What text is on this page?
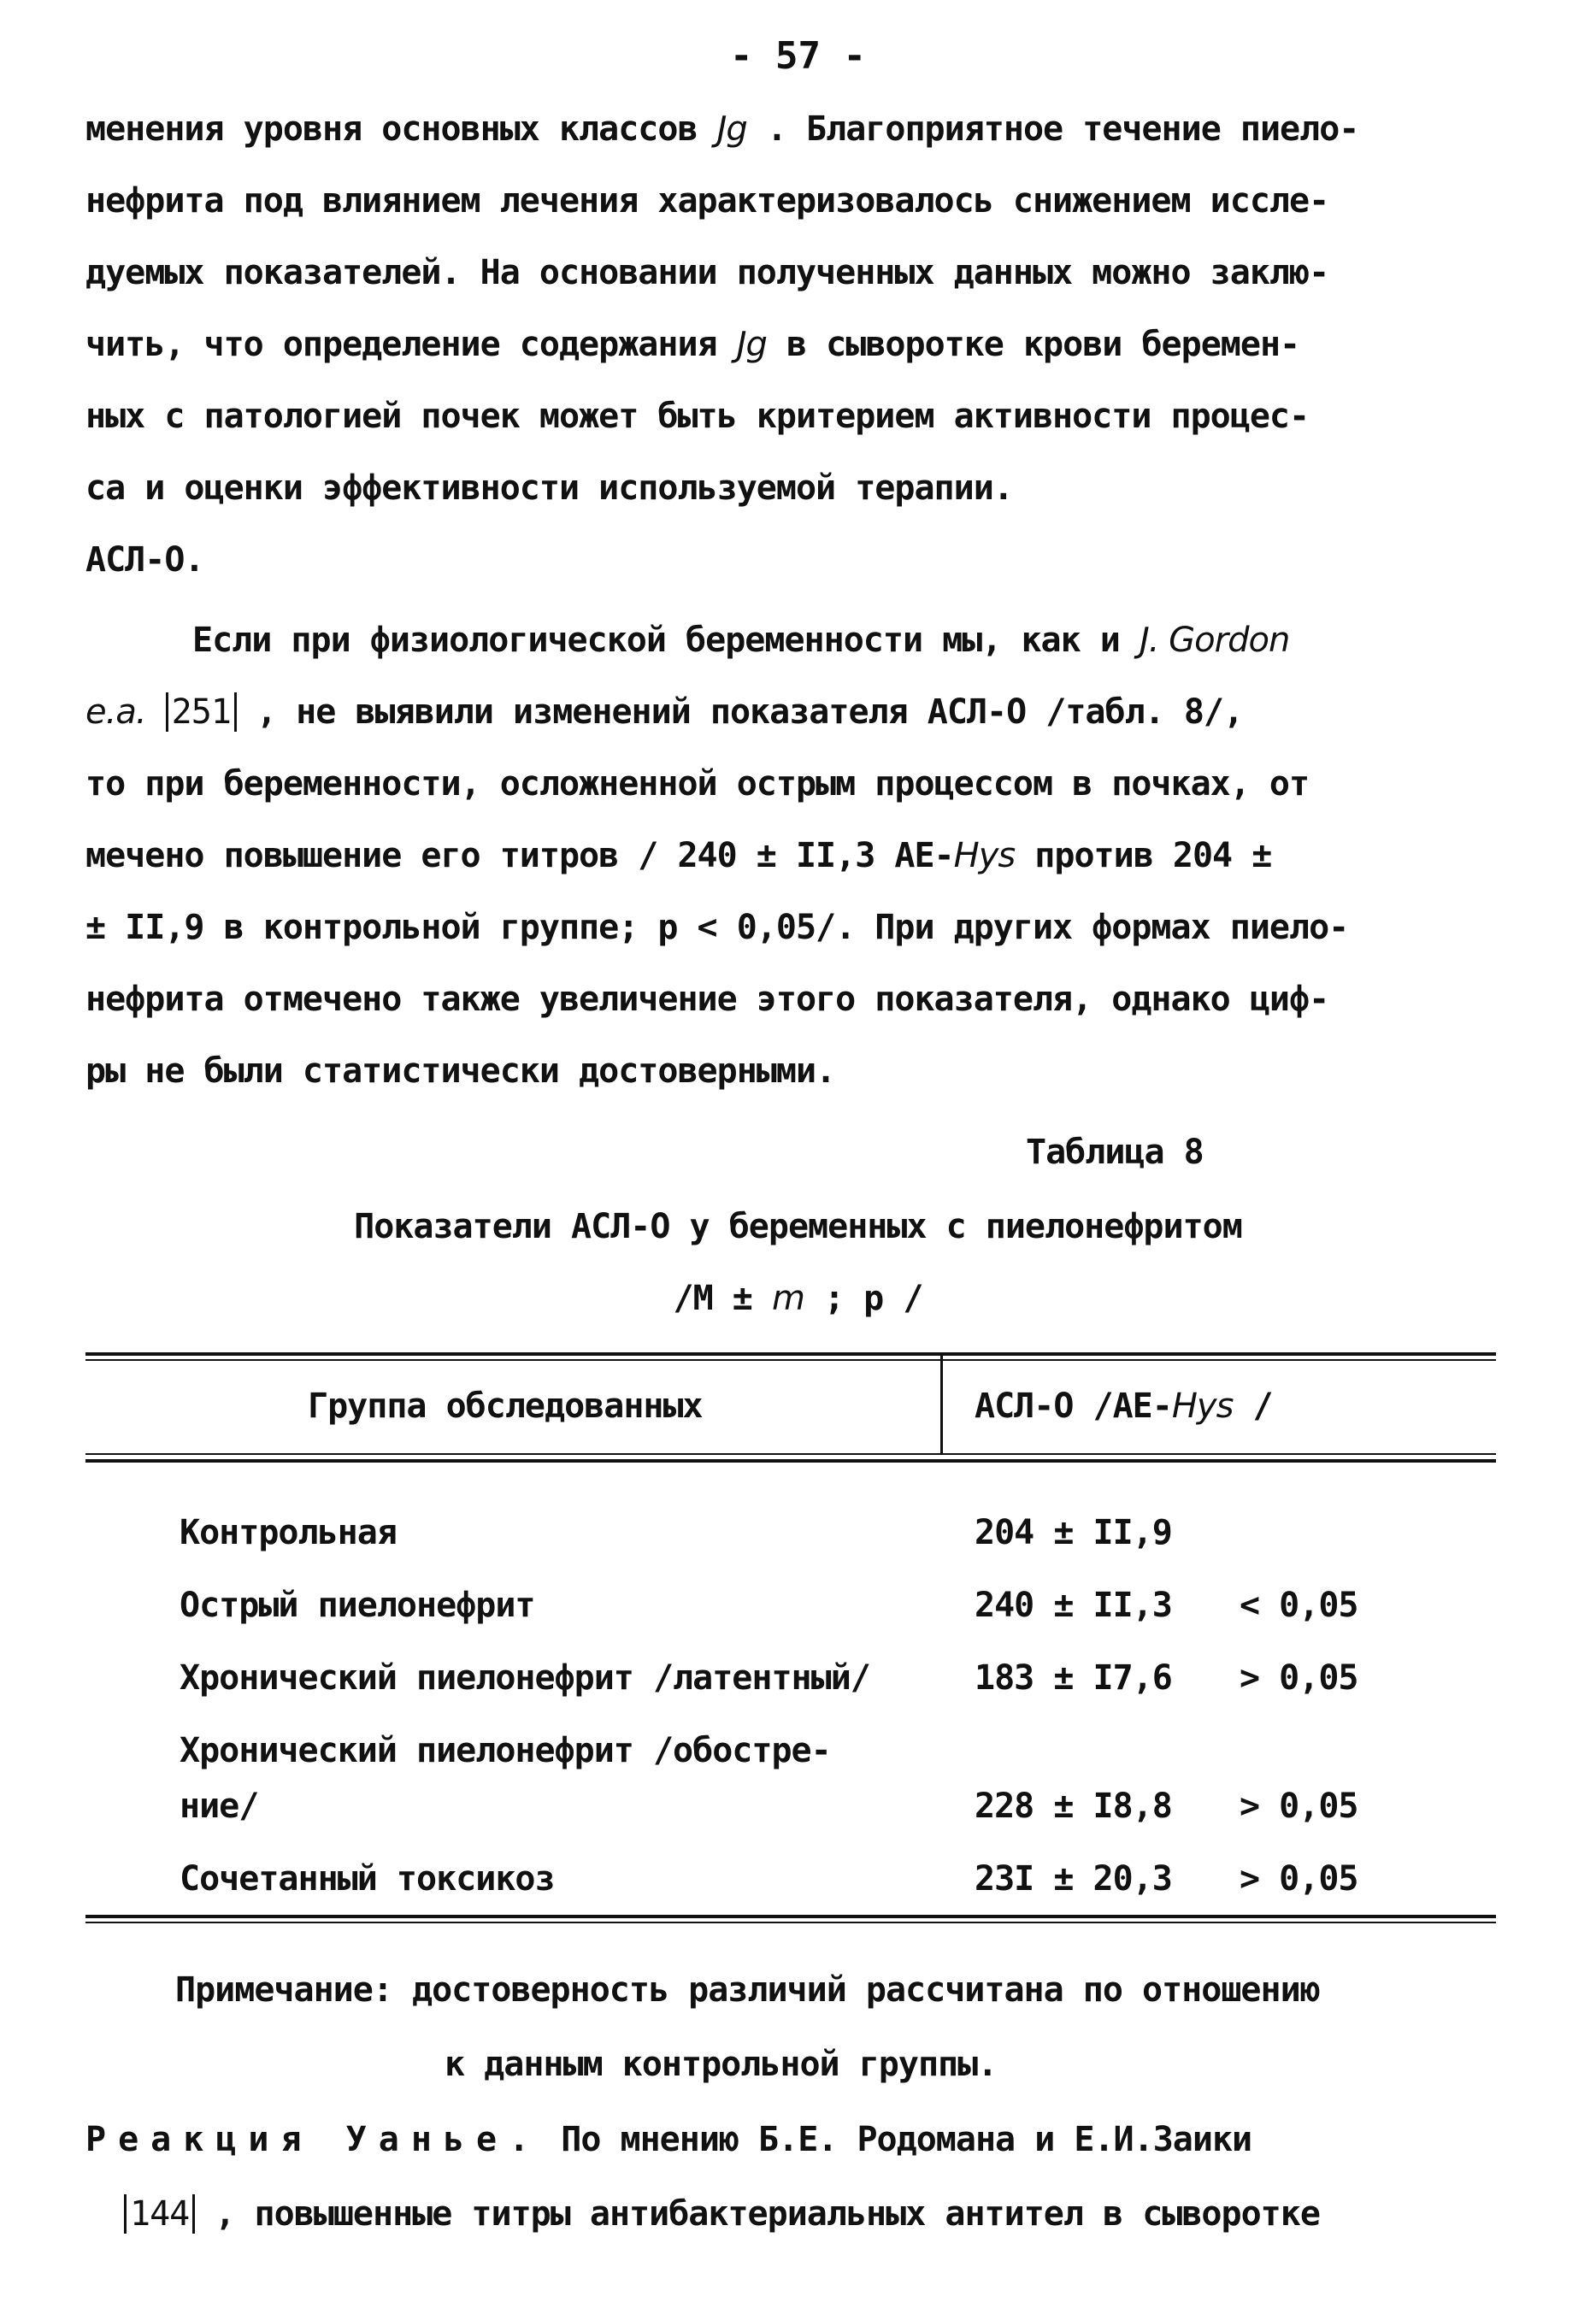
- 57 -
менения уровня основных классов Jg . Благоприятное течение пиело-
нефрита под влиянием лечения характеризовалось снижением иссле-
дуемых показателей. На основании полученных данных можно заклю-
чить, что определение содержания Jg в сыворотке крови беремен-
ных с патологией почек может быть критерием активности процес-
са и оценки эффективности используемой терапии.
АСЛ-О.
Если при физиологической беременности мы, как и J. Gordon
e.a. 251 , не выявили изменений показателя АСЛ-О /табл. 8/,
то при беременности, осложненной острым процессом в почках, от
мечено повышение его титров / 240 ± II,3 АЕ-Hys против 204 ±
± II,9 в контрольной группе; р < 0,05/. При других формах пиело-
нефрита отмечено также увеличение этого показателя, однако циф-
ры не были статистически достоверными.
Таблица 8
Показатели АСЛ-О у беременных с пиелонефритом
/М ± m ; р /
Группа обследованных	АСЛ-О /АЕ-Hys /
Контрольная	204 ± II,9
Острый пиелонефрит	240 ± II,3 < 0,05
Хронический пиелонефрит /латентный/	183 ± I7,6 > 0,05
Хронический пиелонефрит /обостре-
ние/	228 ± I8,8 > 0,05
Сочетанный токсикоз	23I ± 20,3 > 0,05
Примечание: достоверность различий рассчитана по отношению
к данным контрольной группы.
Реакция Уанье. По мнению Б.Е. Родомана и Е.И.Заики
144 , повышенные титры антибактериальных антител в сыворотке
